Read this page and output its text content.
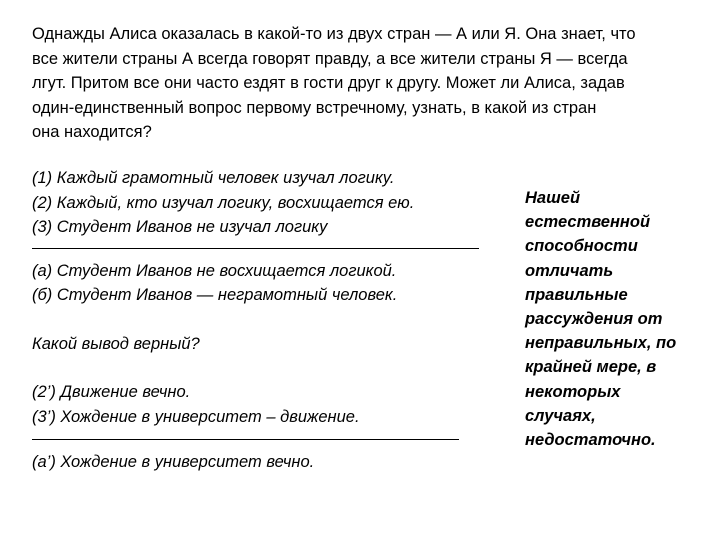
Однажды Алиса оказалась в какой-то из двух стран — А или Я. Она знает, что
все жители страны А всегда говорят правду, а все жители страны Я — всегда
лгут. Притом все они часто ездят в гости друг к другу. Может ли Алиса, задав
один-единственный вопрос первому встречному, узнать, в какой из стран
она находится?
(1) Каждый грамотный человек изучал логику.
(2) Каждый, кто изучал логику, восхищается ею.
(3) Студент Иванов не изучал логику
(а) Студент Иванов не восхищается логикой.
(б) Студент Иванов — неграмотный человек.
Какой вывод верный?
(2’) Движение вечно.
(3’) Хождение в университет – движение.
(а’) Хождение в университет вечно.
Нашей
естественной
способности
отличать
правильные
рассуждения от
неправильных, по
крайней мере, в
некоторых
случаях,
недостаточно.
